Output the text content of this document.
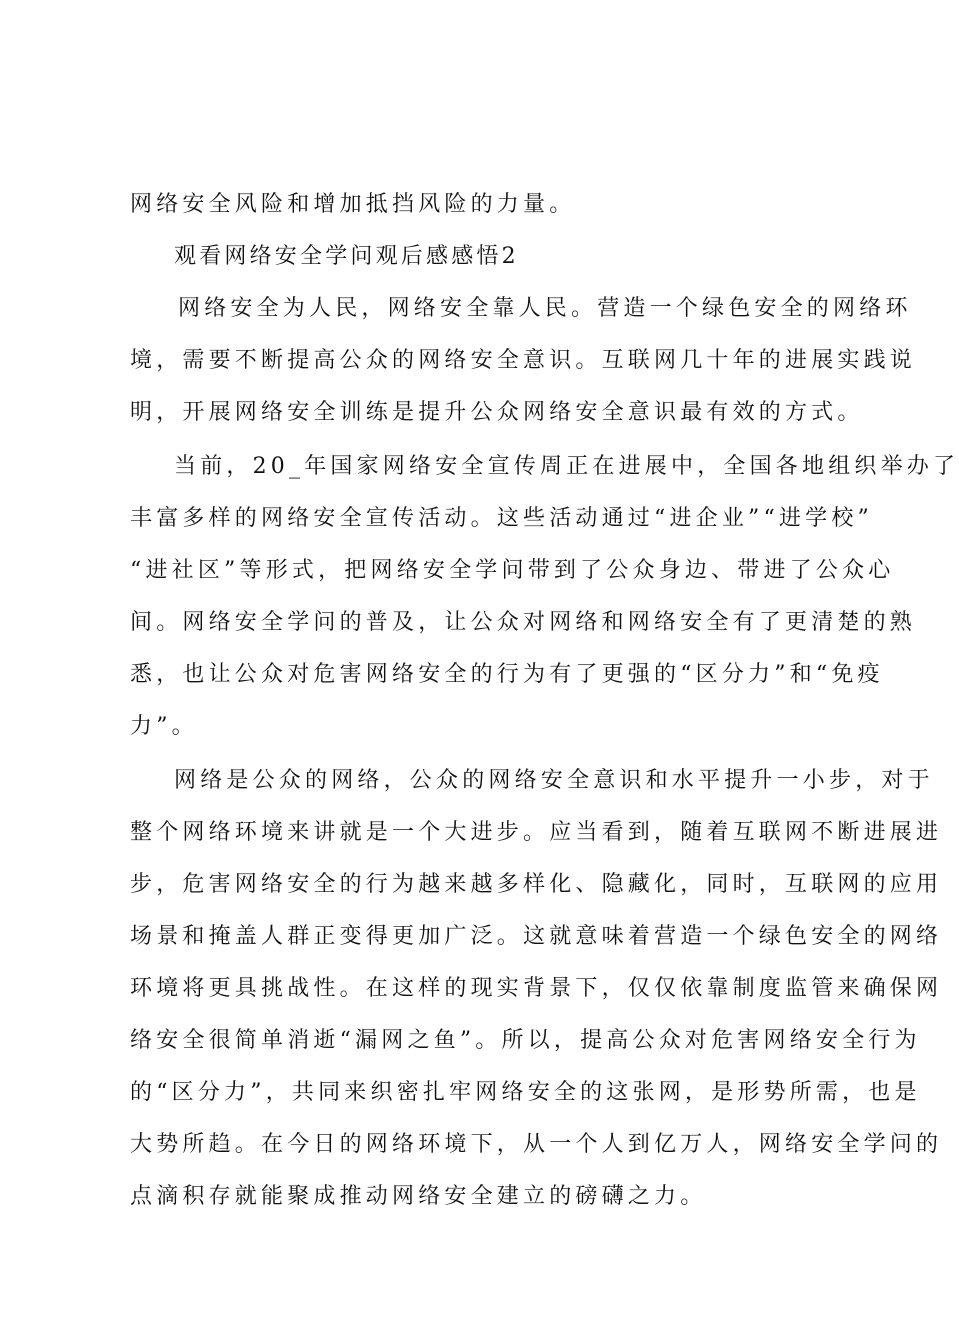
网络安全风险和增加抵挡风险的力量。
观看网络安全学问观后感感悟2
网络安全为人民，网络安全靠人民。营造一个绿色安全的网络环
境，需要不断提高公众的网络安全意识。互联网几十年的进展实践说
明，开展网络安全训练是提升公众网络安全意识最有效的方式。
当前，20_年国家网络安全宣传周正在进展中，全国各地组织举办了
丰富多样的网络安全宣传活动。这些活动通过“进企业”“进学校”
“进社区”等形式，把网络安全学问带到了公众身边、带进了公众心
间。网络安全学问的普及，让公众对网络和网络安全有了更清楚的熟
悉，也让公众对危害网络安全的行为有了更强的“区分力”和“免疫
力”。
网络是公众的网络，公众的网络安全意识和水平提升一小步，对于
整个网络环境来讲就是一个大进步。应当看到，随着互联网不断进展进
步，危害网络安全的行为越来越多样化、隐藏化，同时，互联网的应用
场景和掩盖人群正变得更加广泛。这就意味着营造一个绿色安全的网络
环境将更具挑战性。在这样的现实背景下，仅仅依靠制度监管来确保网
络安全很简单消逝“漏网之鱼”。所以，提高公众对危害网络安全行为
的“区分力”，共同来织密扎牢网络安全的这张网，是形势所需，也是
大势所趋。在今日的网络环境下，从一个人到亿万人，网络安全学问的
点滴积存就能聚成推动网络安全建立的磅礴之力。
